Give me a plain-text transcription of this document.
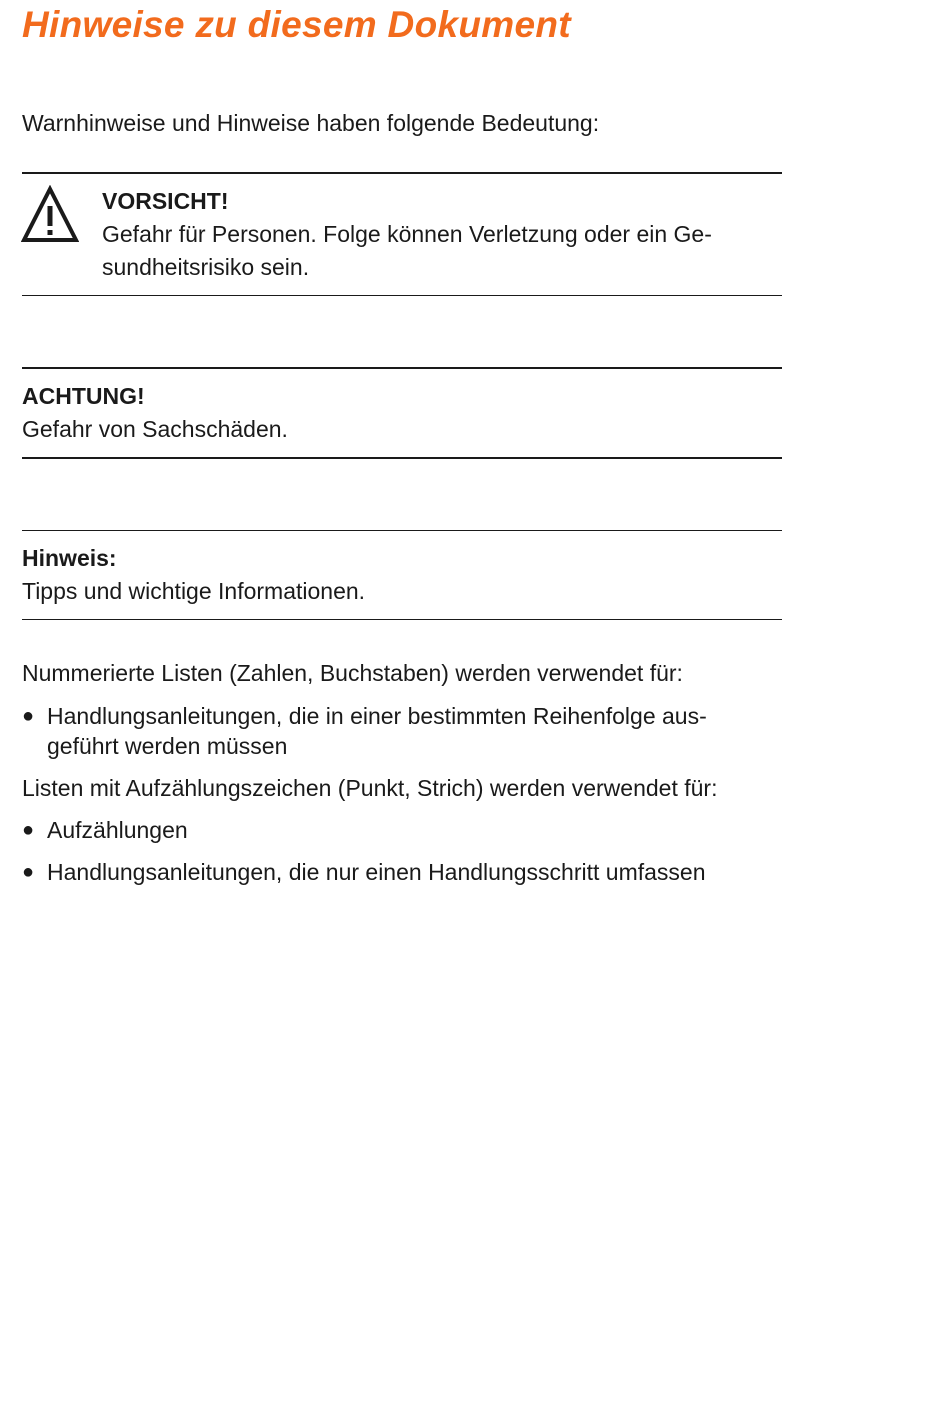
Hinweise zu diesem Dokument

Warnhinweise und Hinweise haben folgende Bedeutung:

VORSICHT!
Gefahr für Personen. Folge können Verletzung oder ein Ge-
sundheitsrisiko sein.
ACHTUNG!
Gefahr von Sachschäden.
Hinweis:
Tipps und wichtige Informationen.

Nummerierte Listen (Zahlen, Buchstaben) werden verwendet für:

● Handlungsanleitungen, die in einer bestimmten Reihenfolge aus-
geführt werden müssen

Listen mit Aufzählungszeichen (Punkt, Strich) werden verwendet für:

● Aufzählungen
● Handlungsanleitungen, die nur einen Handlungsschritt umfassen
